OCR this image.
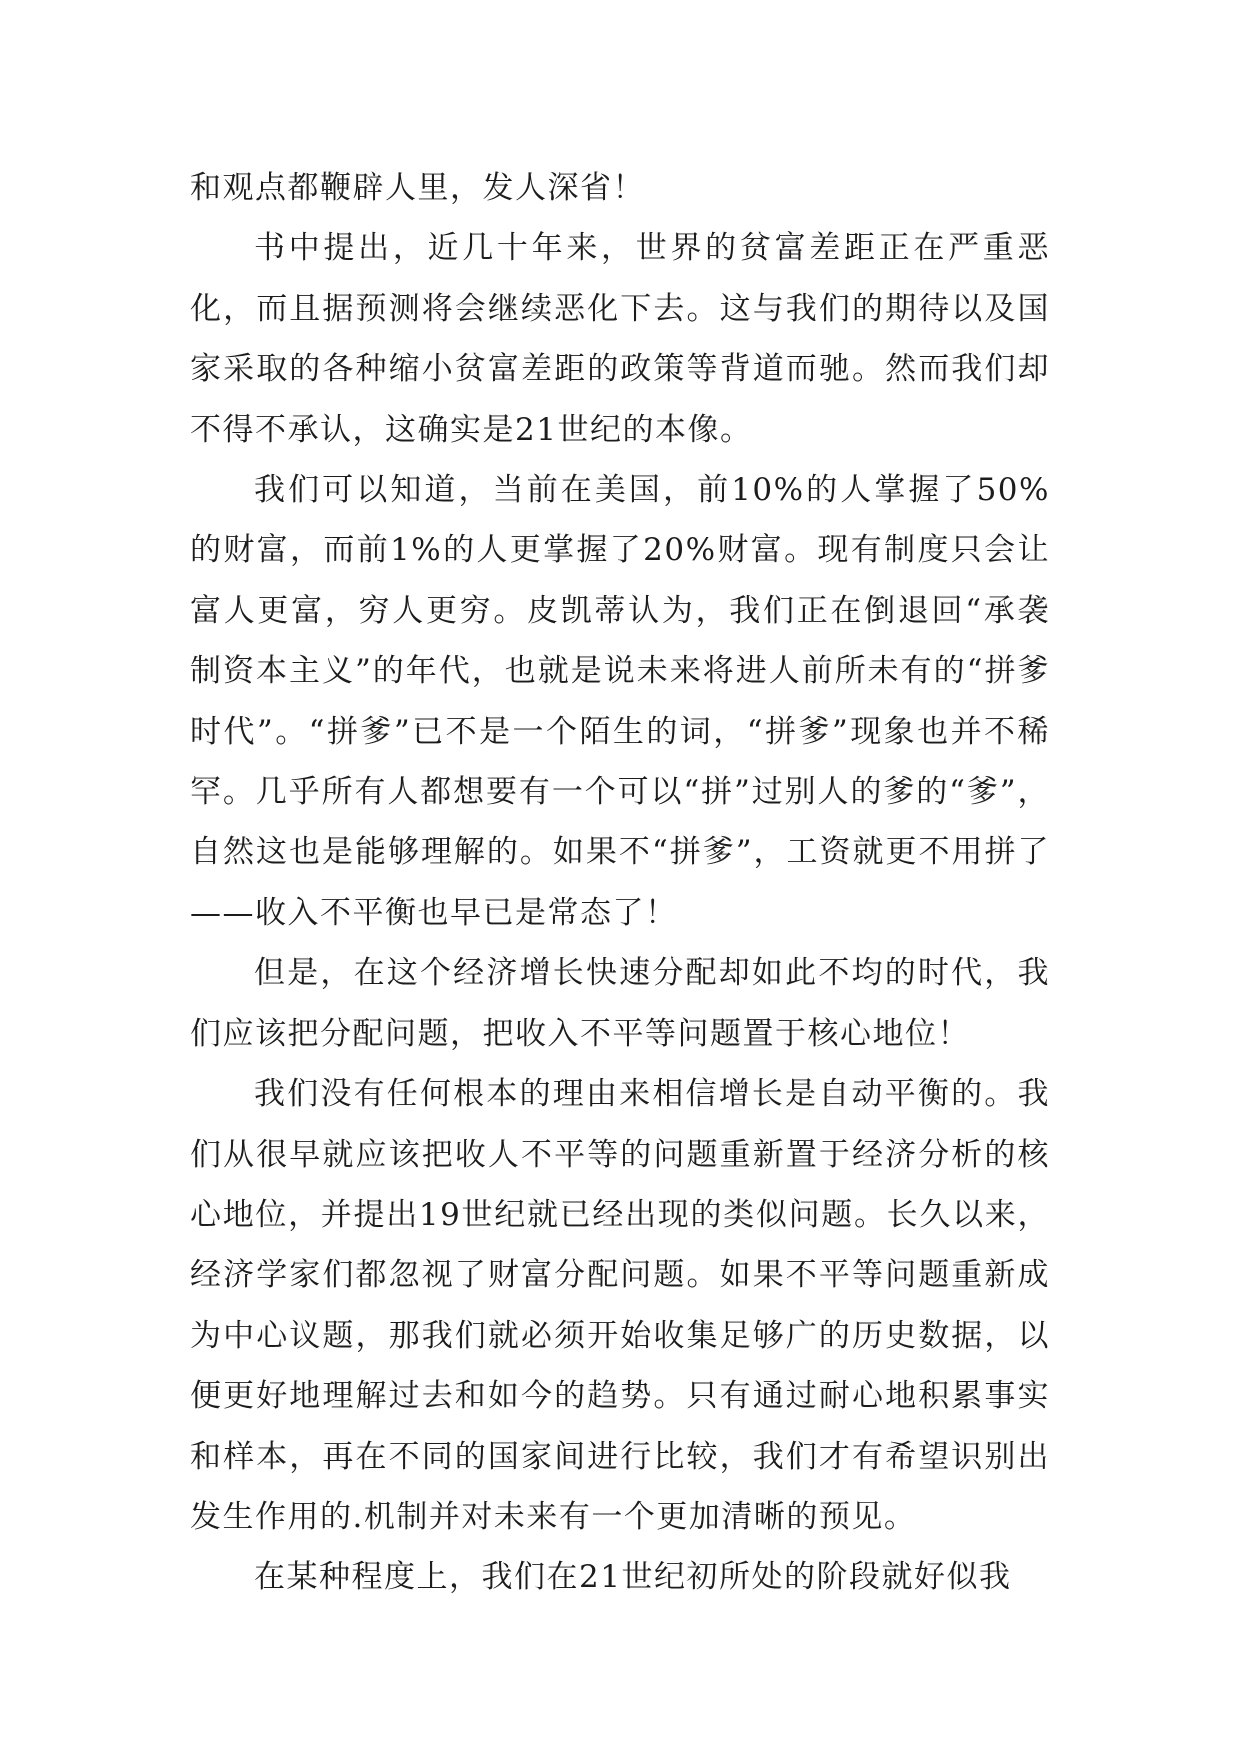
和观点都鞭辟人里，发人深省！

书中提出，近几十年来，世界的贫富差距正在严重恶化，而且据预测将会继续恶化下去。这与我们的期待以及国家采取的各种缩小贫富差距的政策等背道而驰。然而我们却不得不承认，这确实是21世纪的本像。

我们可以知道，当前在美国，前10%的人掌握了50%的财富，而前1%的人更掌握了20%财富。现有制度只会让富人更富，穷人更穷。皮凯蒂认为，我们正在倒退回“承袭制资本主义”的年代，也就是说未来将进人前所未有的“拼爹时代”。“拼爹”已不是一个陌生的词，“拼爹”现象也并不稀罕。几乎所有人都想要有一个可以“拼”过别人的爹的“爹”，自然这也是能够理解的。如果不“拼爹”，工资就更不用拼了——收入不平衡也早已是常态了！

但是，在这个经济增长快速分配却如此不均的时代，我们应该把分配问题，把收入不平等问题置于核心地位！

我们没有任何根本的理由来相信增长是自动平衡的。我们从很早就应该把收人不平等的问题重新置于经济分析的核心地位，并提出19世纪就已经出现的类似问题。长久以来，经济学家们都忽视了财富分配问题。如果不平等问题重新成为中心议题，那我们就必须开始收集足够广的历史数据，以便更好地理解过去和如今的趋势。只有通过耐心地积累事实和样本，再在不同的国家间进行比较，我们才有希望识别出发生作用的.机制并对未来有一个更加清晰的预见。

在某种程度上，我们在21世纪初所处的阶段就好似我
